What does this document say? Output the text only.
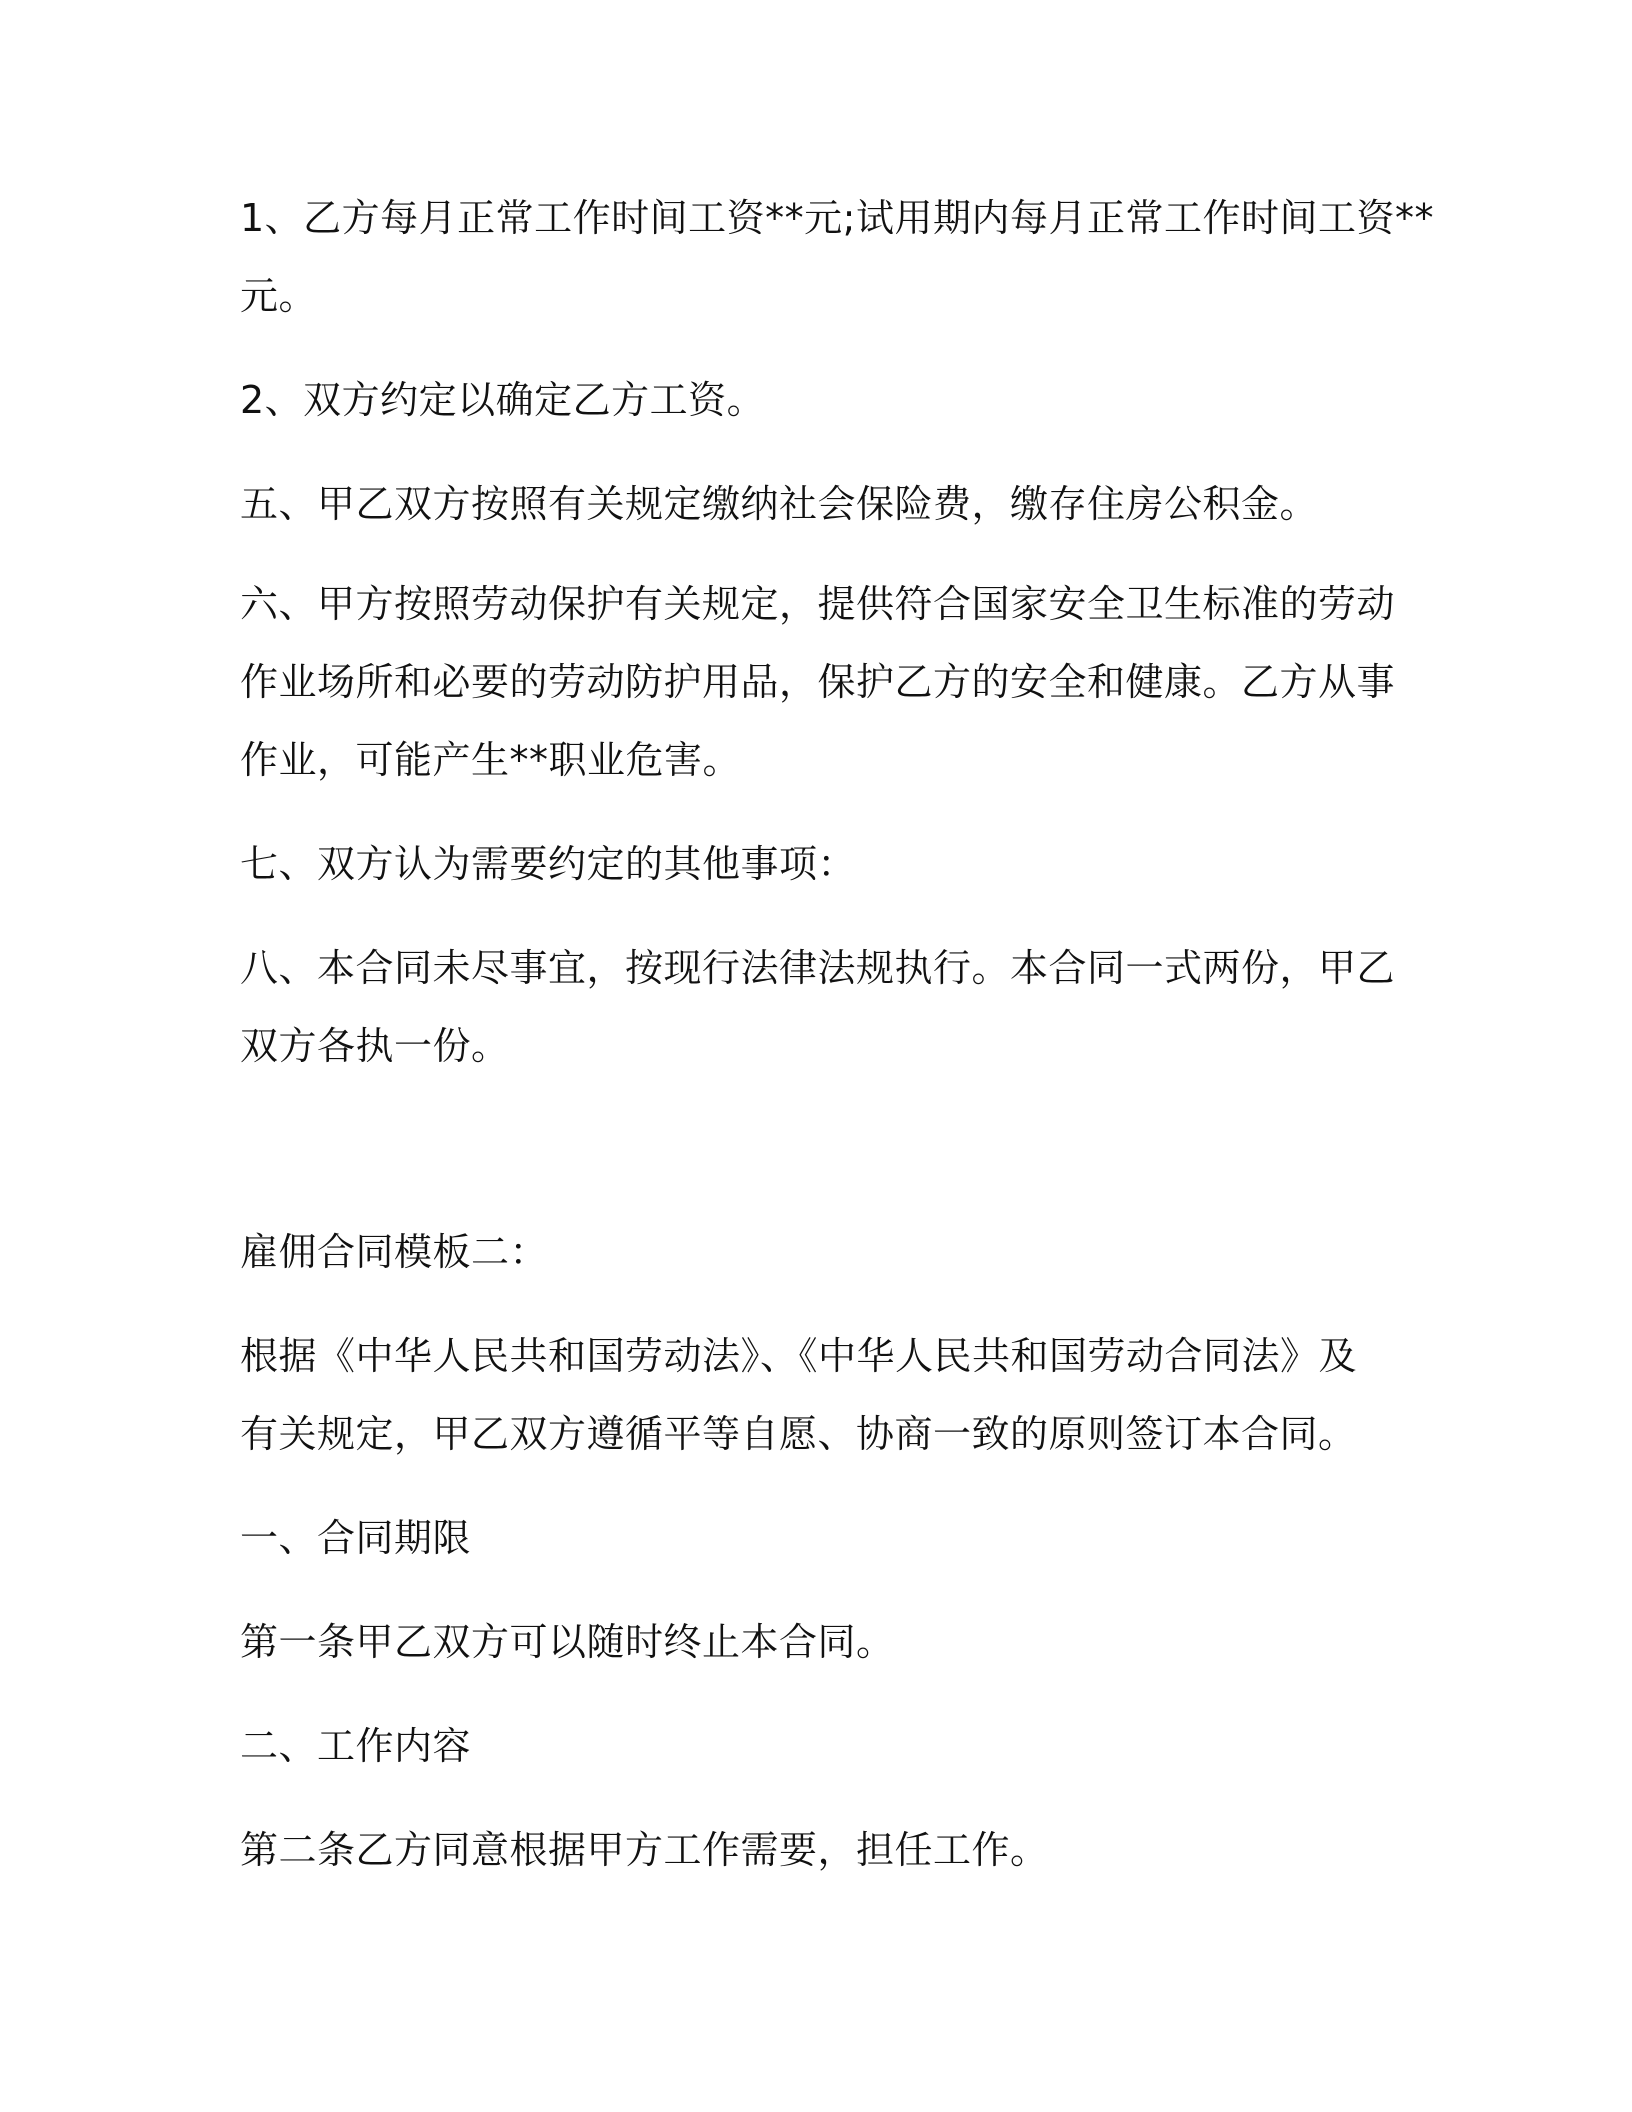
1、乙方每月正常工作时间工资**元;试用期内每月正常工作时间工资**

元。

2、双方约定以确定乙方工资。

五、甲乙双方按照有关规定缴纳社会保险费，缴存住房公积金。

六、甲方按照劳动保护有关规定，提供符合国家安全卫生标准的劳动

作业场所和必要的劳动防护用品，保护乙方的安全和健康。乙方从事

作业，可能产生**职业危害。

七、双方认为需要约定的其他事项：

八、本合同未尽事宜，按现行法律法规执行。本合同一式两份，甲乙

双方各执一份。

雇佣合同模板二：

根据《中华人民共和国劳动法》、《中华人民共和国劳动合同法》及

有关规定，甲乙双方遵循平等自愿、协商一致的原则签订本合同。

一、合同期限

第一条甲乙双方可以随时终止本合同。

二、工作内容

第二条乙方同意根据甲方工作需要，担任工作。
